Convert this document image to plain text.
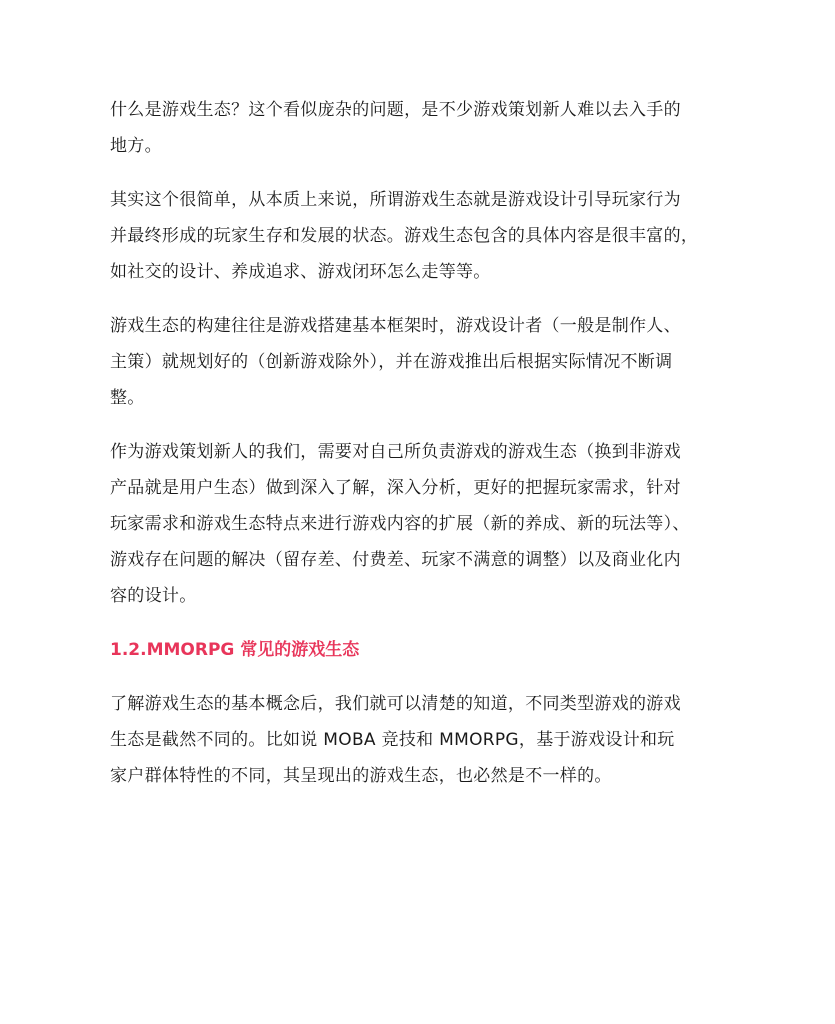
什么是游戏生态？这个看似庞杂的问题，是不少游戏策划新人难以去入手的
地方。

其实这个很简单，从本质上来说，所谓游戏生态就是游戏设计引导玩家行为
并最终形成的玩家生存和发展的状态。游戏生态包含的具体内容是很丰富的，
如社交的设计、养成追求、游戏闭环怎么走等等。

游戏生态的构建往往是游戏搭建基本框架时，游戏设计者（一般是制作人、
主策）就规划好的（创新游戏除外），并在游戏推出后根据实际情况不断调
整。

作为游戏策划新人的我们，需要对自己所负责游戏的游戏生态（换到非游戏
产品就是用户生态）做到深入了解，深入分析，更好的把握玩家需求，针对
玩家需求和游戏生态特点来进行游戏内容的扩展（新的养成、新的玩法等）、
游戏存在问题的解决（留存差、付费差、玩家不满意的调整）以及商业化内
容的设计。

1.2.MMORPG 常见的游戏生态

了解游戏生态的基本概念后，我们就可以清楚的知道，不同类型游戏的游戏
生态是截然不同的。比如说 MOBA 竞技和 MMORPG，基于游戏设计和玩
家户群体特性的不同，其呈现出的游戏生态，也必然是不一样的。
